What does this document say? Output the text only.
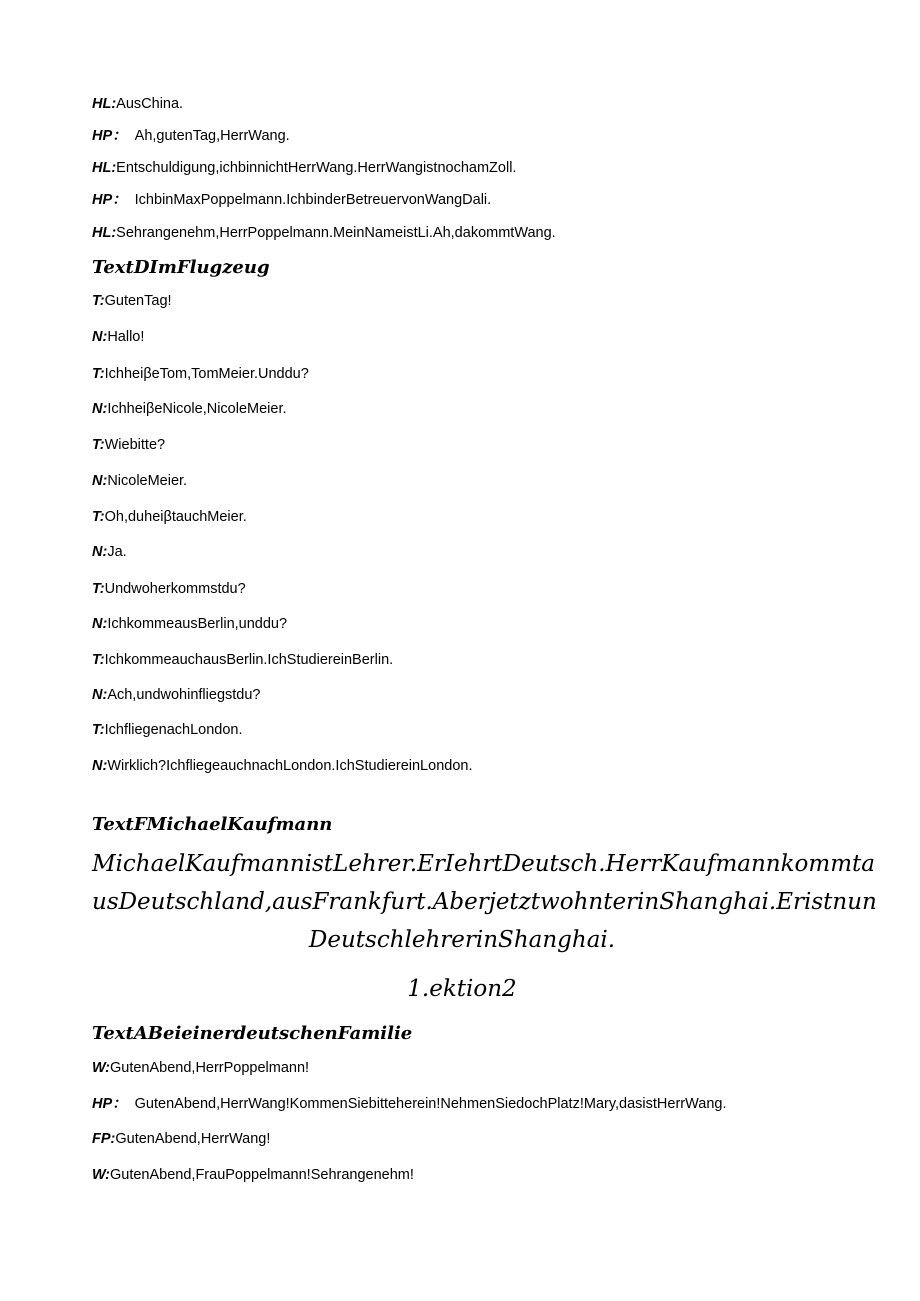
HL:AusChina.
HP： Ah,gutenTag,HerrWang.
HL:Entschuldigung,ichbinnichtHerrWang.HerrWangistnochamZoll.
HP： IchbinMaxPoppelmann.IchbinderBetreuervonWangDali.
HL:Sehrangenehm,HerrPoppelmann.MeinNameistLi.Ah,dakommtWang.
TextDImFlugzeug
T:GutenTag!
N:Hallo!
T:IchheiβeTom,TomMeier.Unddu?
N:IchheiβeNicole,NicoleMeier.
T:Wiebitte?
N:NicoleMeier.
T:Oh,duheiβtauchMeier.
N:Ja.
T:Undwoherkommstdu?
N:IchkommeausBerlin,unddu?
T:IchkommeauchausBerlin.IchStudiereinBerlin.
N:Ach,undwohinfliegstdu?
T:IchfliegenachLondon.
N:Wirklich?IchfliegeauchnachLondon.IchStudiereinLondon.
TextFMichaelKaufmann
MichaelKaufmannistLehrer.ErIehrtDeutsch.HerrKaufmannkommta
usDeutschland,ausFrankfurt.AberjetztwohnterinShanghai.Eristnun
DeutschlehrerinShanghai.
1.ektion2
TextABeieinerdeutschenFamilie
W:GutenAbend,HerrPoppelmann!
HP： GutenAbend,HerrWang!KommenSiebitteherein!NehmenSiedochPlatz!Mary,dasistHerrWang.
FP:GutenAbend,HerrWang!
W:GutenAbend,FrauPoppelmann!Sehrangenehm!
